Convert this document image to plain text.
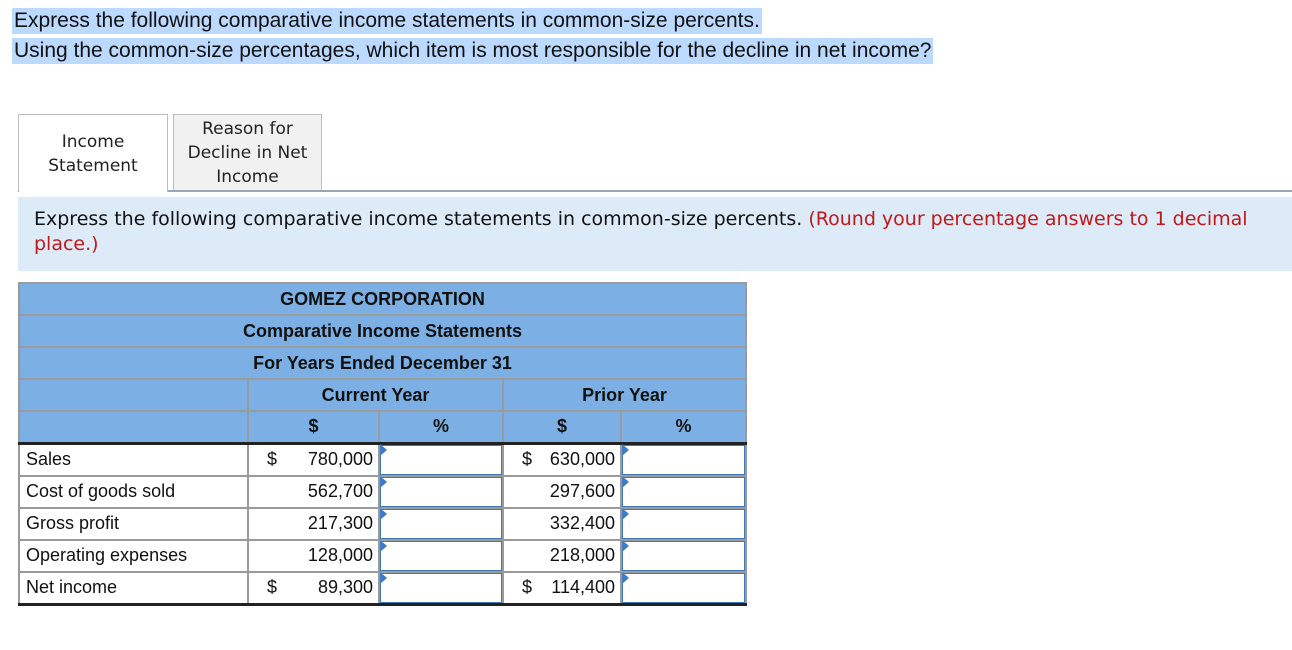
Express the following comparative income statements in common-size percents.
Using the common-size percentages, which item is most responsible for the decline in net income?
Income
Statement
Reason for
Decline in Net
Income
Express the following comparative income statements in common-size percents. (Round your percentage answers to 1 decimal place.)
GOMEZ CORPORATION				
Comparative Income Statements				
For Years Ended December 31				
	Current Year		Prior Year	
	$	%	$	%
Sales	$ 780,000		$ 630,000

Cost of goods sold	562,700		297,600

Gross profit	217,300		332,400

Operating expenses	128,000		218,000

Net income	$ 89,300		$ 114,400
